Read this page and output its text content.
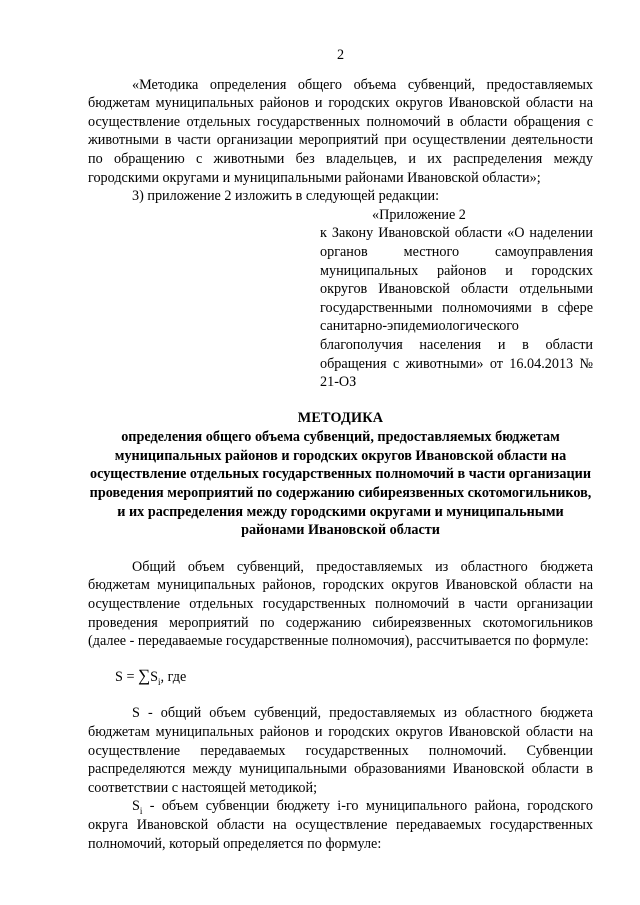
2

«Методика определения общего объема субвенций, предоставляемых бюджетам муниципальных районов и городских округов Ивановской области на осуществление отдельных государственных полномочий в области обращения с животными в части организации мероприятий при осуществлении деятельности по обращению с животными без владельцев, и их распределения между городскими округами и муниципальными районами Ивановской области»;

3) приложение 2 изложить в следующей редакции:

«Приложение 2

к Закону Ивановской области «О наделении органов местного самоуправления муниципальных районов и городских округов Ивановской области отдельными государственными полномочиями в сфере санитарно-эпидемиологического благополучия населения и в области обращения с животными» от 16.04.2013 № 21-ОЗ

МЕТОДИКА

определения общего объема субвенций, предоставляемых бюджетам муниципальных районов и городских округов Ивановской области на осуществление отдельных государственных полномочий в части организации проведения мероприятий по содержанию сибиреязвенных скотомогильников, и их распределения между городскими округами и муниципальными районами Ивановской области

Общий объем субвенций, предоставляемых из областного бюджета бюджетам муниципальных районов, городских округов Ивановской области на осуществление отдельных государственных полномочий в части организации проведения мероприятий по содержанию сибиреязвенных скотомогильников (далее - передаваемые государственные полномочия), рассчитывается по формуле:

$S = \sum S_i$, где

S - общий объем субвенций, предоставляемых из областного бюджета бюджетам муниципальных районов и городских округов Ивановской области на осуществление передаваемых государственных полномочий. Субвенции распределяются между муниципальными образованиями Ивановской области в соответствии с настоящей методикой;

$S_i$ - объем субвенции бюджету i-го муниципального района, городского округа Ивановской области на осуществление передаваемых государственных полномочий, который определяется по формуле:
